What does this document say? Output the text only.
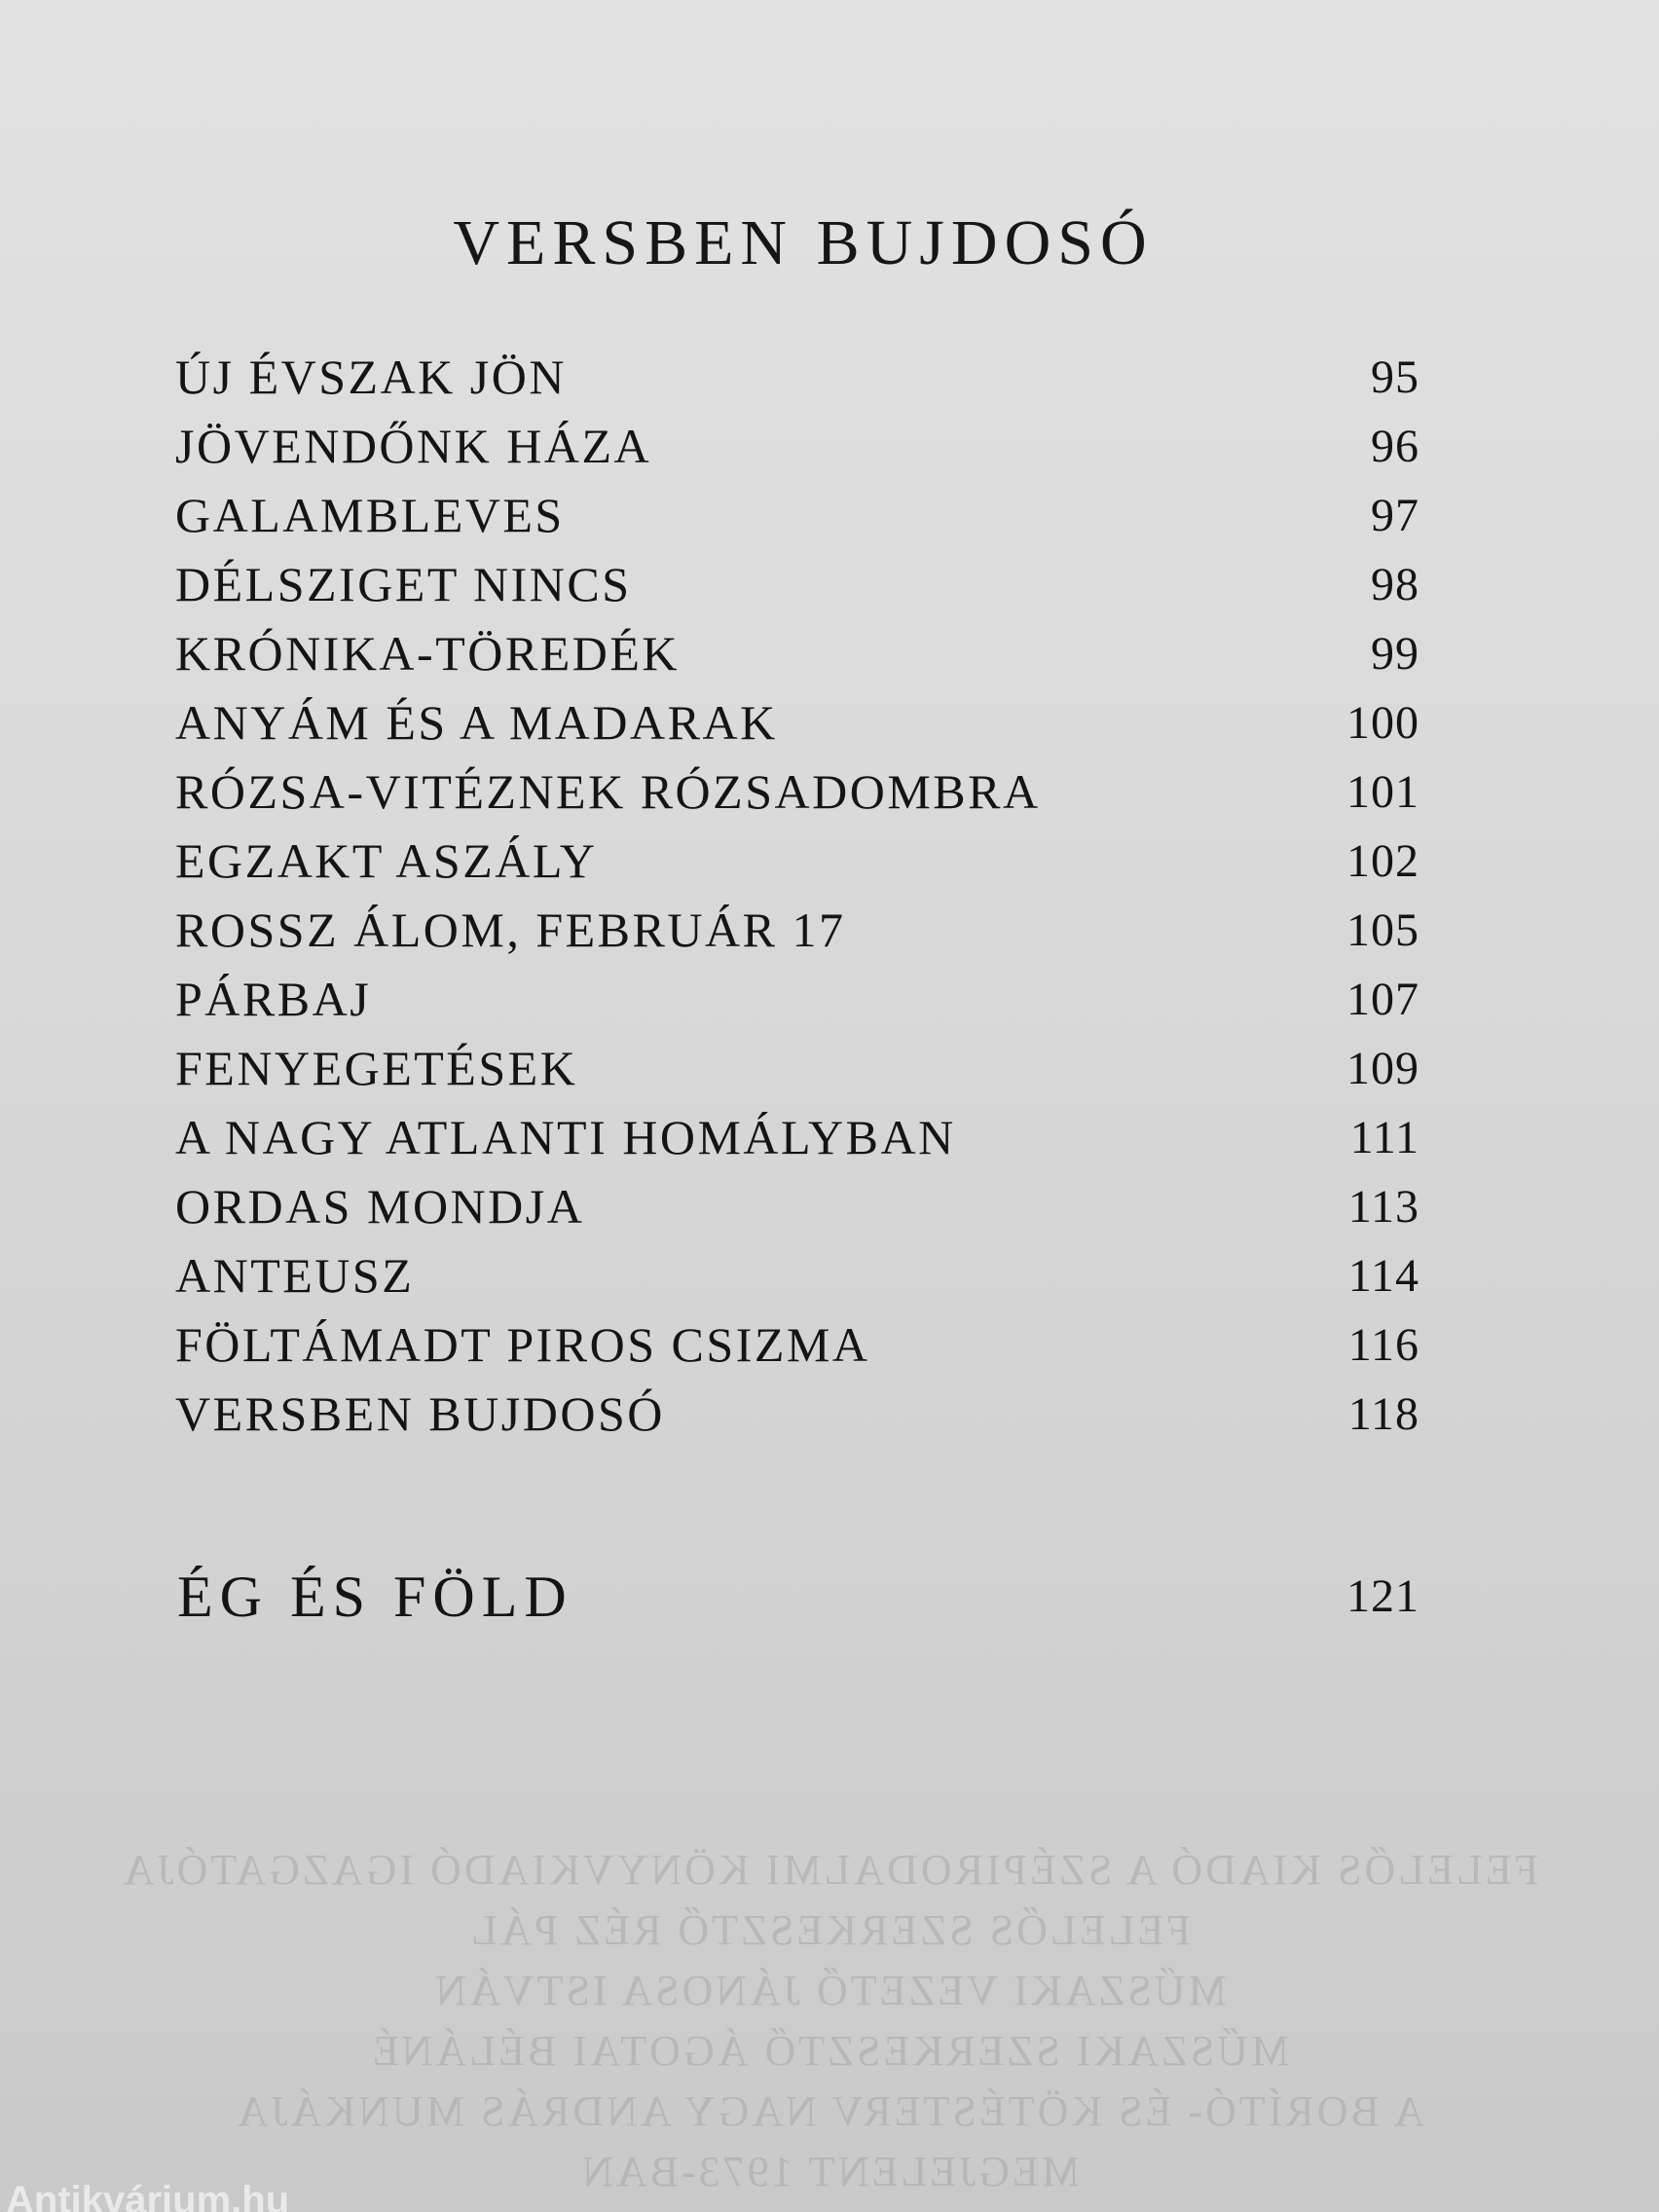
VERSBEN BUJDOSÓ
ÚJ ÉVSZAK JÖN	95
JÖVENDŐNK HÁZA	96
GALAMBLEVES	97
DÉLSZIGET NINCS	98
KRÓNIKA-TÖREDÉK	99
ANYÁM ÉS A MADARAK	100
RÓZSA-VITÉZNEK RÓZSADOMBRA	101
EGZAKT ASZÁLY	102
ROSSZ ÁLOM, FEBRUÁR 17	105
PÁRBAJ	107
FENYEGETÉSEK	109
A NAGY ATLANTI HOMÁLYBAN	111
ORDAS MONDJA	113
ANTEUSZ	114
FÖLTÁMADT PIROS CSIZMA	116
VERSBEN BUJDOSÓ	118
ÉG ÉS FÖLD	121
FELELŐS KIADÓ A SZÉPIRODALMI KÖNYVKIADÓ IGAZGATÓJA
FELELŐS SZERKESZTŐ RÉZ PÁL
MŰSZAKI VEZETŐ JÁNOSA ISTVÁN
MŰSZAKI SZERKESZTŐ ÁGOTAI BÉLÁNÉ
A BORÍTÓ- ÉS KÖTÉSTERV NAGY ANDRÁS MUNKÁJA
MEGJELENT 1973-BAN
Antikvárium.hu
